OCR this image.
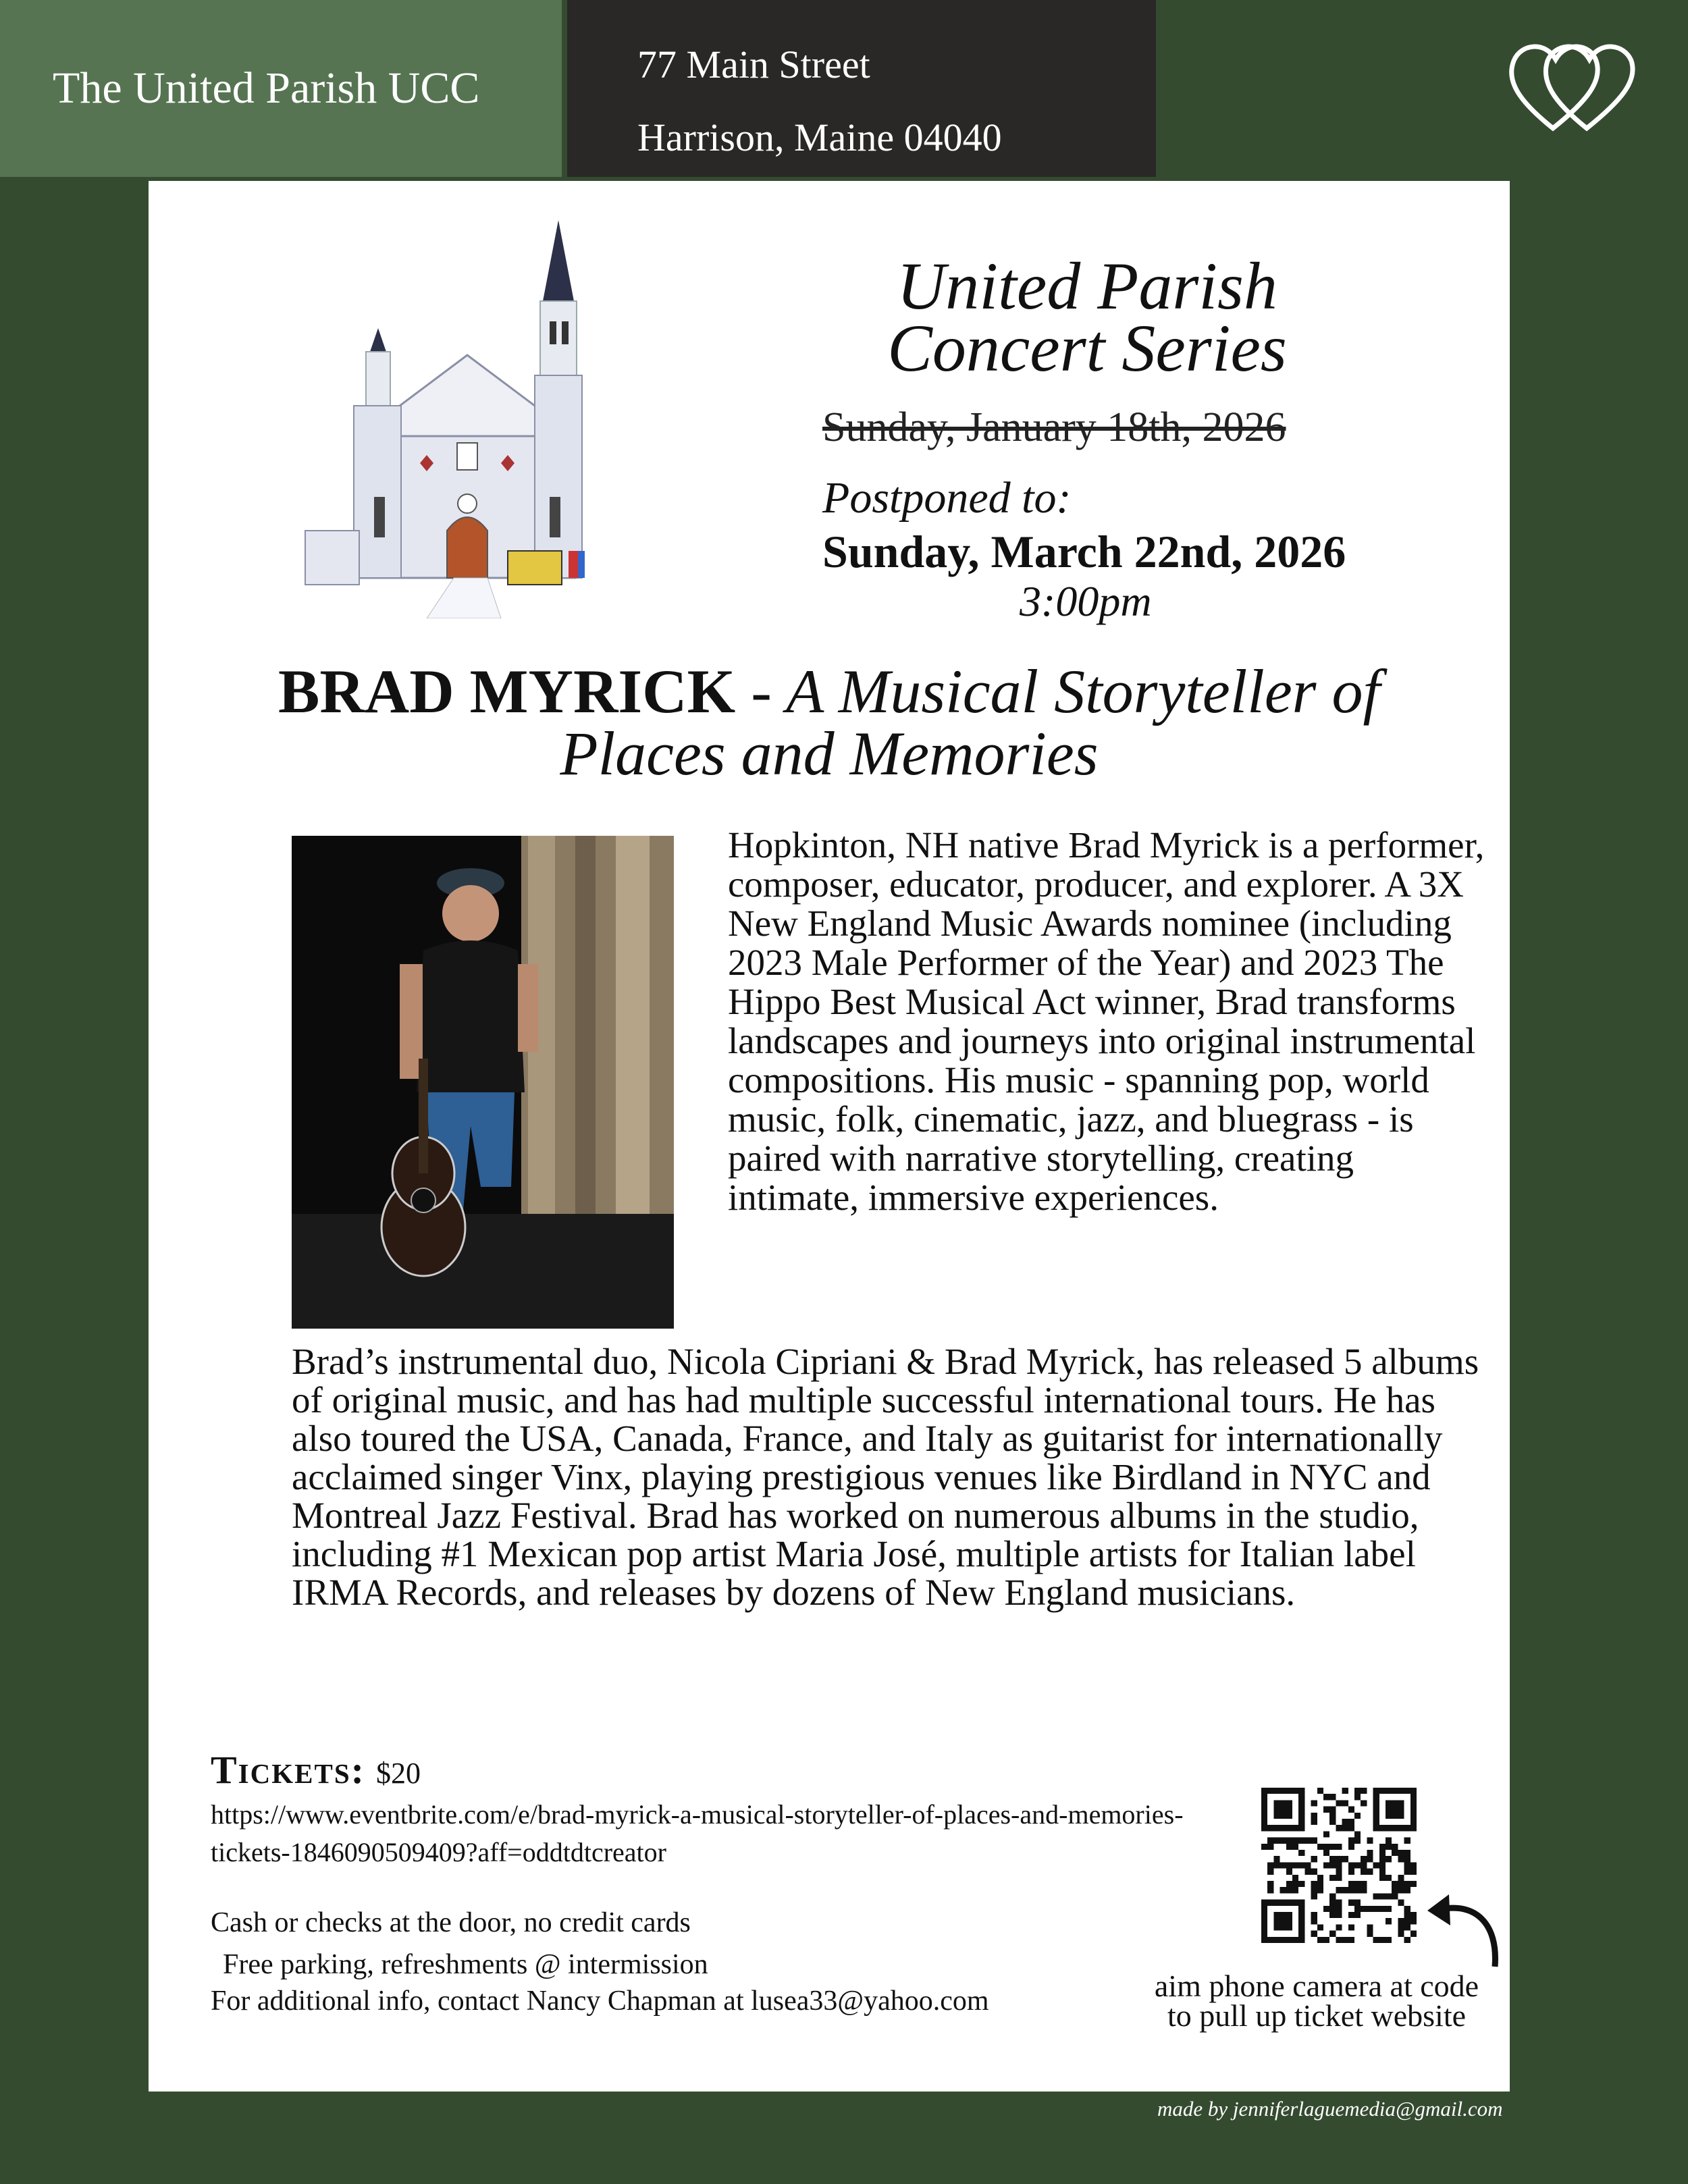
The United Parish UCC	77 Main Street
Harrison, Maine 04040
United Parish
Concert Series
Sunday, January 18th, 2026
Postponed to:
Sunday, March 22nd, 2026
3:00pm
BRAD MYRICK - A Musical Storyteller of Places and Memories

Hopkinton, NH native Brad Myrick is a performer, composer, educator, producer, and explorer. A 3X New England Music Awards nominee (including 2023 Male Performer of the Year) and 2023 The Hippo Best Musical Act winner, Brad transforms landscapes and journeys into original instrumental compositions. His music - spanning pop, world music, folk, cinematic, jazz, and bluegrass - is paired with narrative storytelling, creating intimate, immersive experiences.

Brad’s instrumental duo, Nicola Cipriani & Brad Myrick, has released 5 albums of original music, and has had multiple successful international tours. He has also toured the USA, Canada, France, and Italy as guitarist for internationally acclaimed singer Vinx, playing prestigious venues like Birdland in NYC and Montreal Jazz Festival. Brad has worked on numerous albums in the studio, including #1 Mexican pop artist Maria José, multiple artists for Italian label IRMA Records, and releases by dozens of New England musicians.

Tickets: $20
https://www.eventbrite.com/e/brad-myrick-a-musical-storyteller-of-places-and-memories-tickets-1846090509409?aff=oddtdtcreator
Cash or checks at the door, no credit cards
Free parking, refreshments @ intermission
For additional info, contact Nancy Chapman at lusea33@yahoo.com	aim phone camera at code
to pull up ticket website
made by jenniferlaguemedia@gmail.com
